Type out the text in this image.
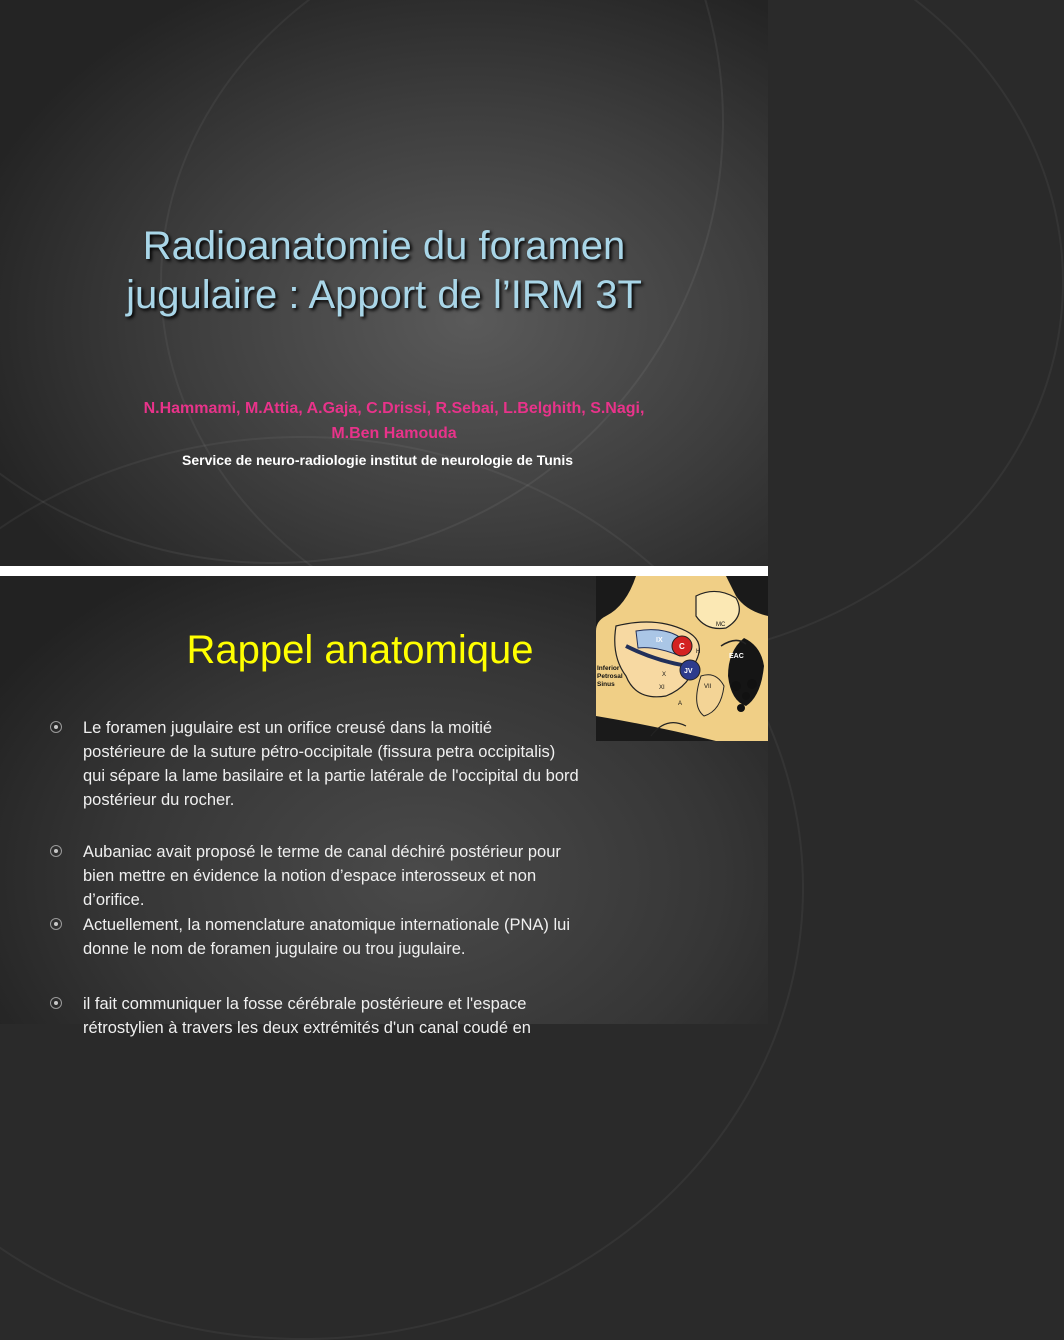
Radioanatomie du foramen
jugulaire : Apport de l’IRM 3T
N.Hammami, M.Attia, A.Gaja, C.Drissi, R.Sebai, L.Belghith, S.Nagi,
M.Ben Hamouda
Service de neuro-radiologie institut de neurologie de Tunis
Rappel anatomique	IX
C
JV
H
X
XI	VII
A
MC
EAC
Inferior
Petrosal
Sinus
Le foramen jugulaire est un orifice creusé dans la moitié
postérieure de la suture pétro-occipitale (fissura petra occipitalis)
qui sépare la lame basilaire et la partie latérale de l'occipital du bord
postérieur du rocher.
Aubaniac avait proposé le terme de canal déchiré postérieur pour
bien mettre en évidence la notion d’espace interosseux et non
d’orifice.
Actuellement, la nomenclature anatomique internationale (PNA) lui
donne le nom de foramen jugulaire ou trou jugulaire.
il fait communiquer la fosse cérébrale postérieure et l'espace
rétrostylien à travers les deux extrémités d'un canal coudé en
